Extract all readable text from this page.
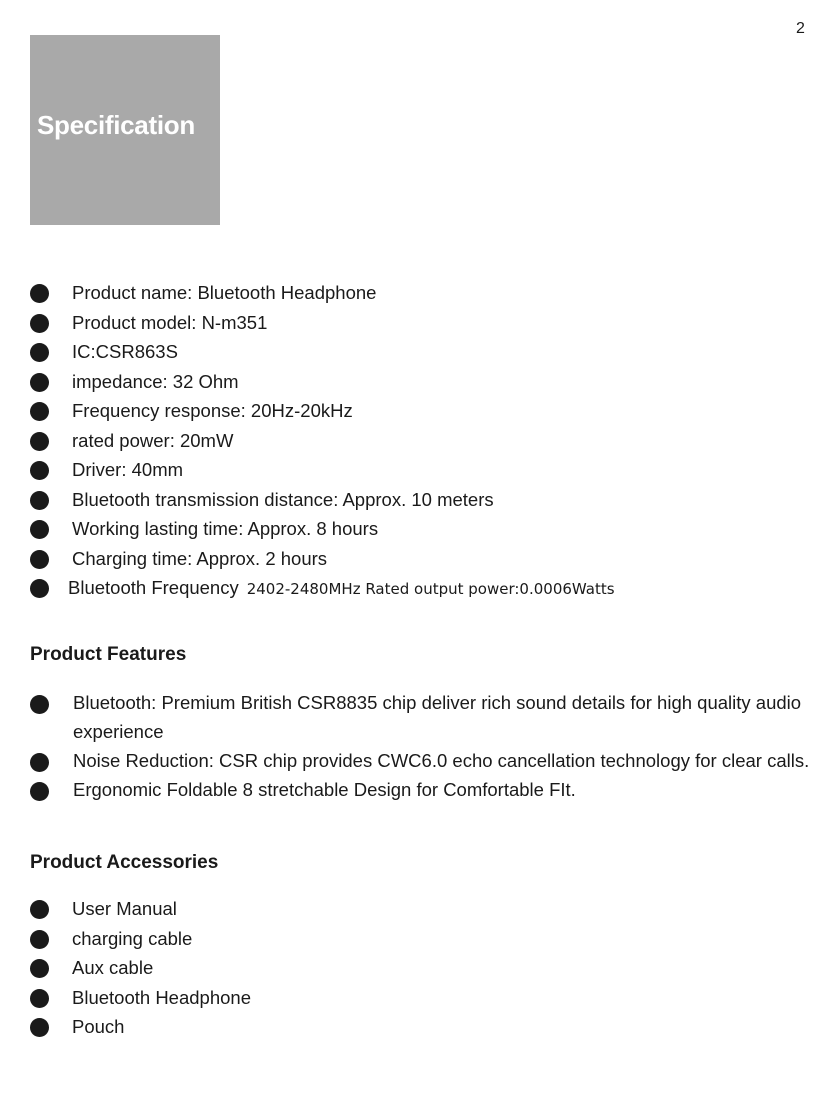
2
Specification
Product name: Bluetooth Headphone
Product model: N-m351
IC:CSR863S
impedance: 32 Ohm
Frequency response: 20Hz-20kHz
rated power: 20mW
Driver: 40mm
Bluetooth transmission distance: Approx. 10 meters
Working lasting time: Approx. 8 hours
Charging time: Approx. 2 hours
Bluetooth Frequency 2402-2480MHz Rated output power:0.0006Watts
Product Features
Bluetooth: Premium British CSR8835 chip deliver rich sound details for high quality audio experience
Noise Reduction: CSR chip provides CWC6.0 echo cancellation technology for clear calls.
Ergonomic Foldable 8 stretchable Design for Comfortable FIt.
Product Accessories
User Manual
charging cable
Aux cable
Bluetooth Headphone
Pouch
